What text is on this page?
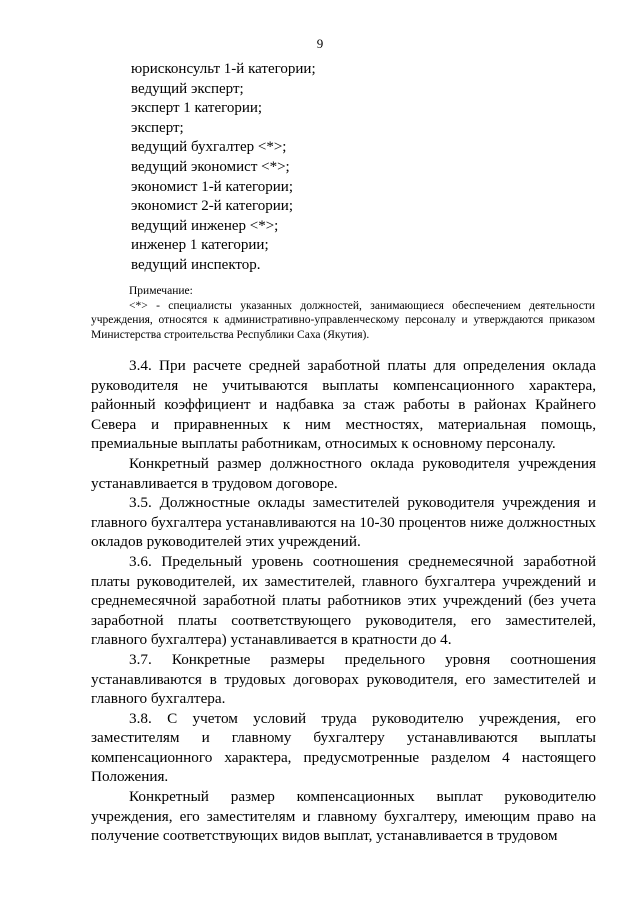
9
юрисконсульт 1-й категории;
ведущий эксперт;
эксперт 1 категории;
эксперт;
ведущий бухгалтер <*>;
ведущий экономист <*>;
экономист 1-й категории;
экономист 2-й категории;
ведущий инженер <*>;
инженер 1 категории;
ведущий инспектор.

Примечание:

<*> - специалисты указанных должностей, занимающиеся обеспечением деятельности учреждения, относятся к административно-управленческому персоналу и утверждаются приказом Министерства строительства Республики Саха (Якутия).

3.4. При расчете средней заработной платы для определения оклада руководителя не учитываются выплаты компенсационного характера, районный коэффициент и надбавка за стаж работы в районах Крайнего Севера и приравненных к ним местностях, материальная помощь, премиальные выплаты работникам, относимых к основному персоналу.

Конкретный размер должностного оклада руководителя учреждения устанавливается в трудовом договоре.

3.5. Должностные оклады заместителей руководителя учреждения и главного бухгалтера устанавливаются на 10-30 процентов ниже должностных окладов руководителей этих учреждений.

3.6. Предельный уровень соотношения среднемесячной заработной платы руководителей, их заместителей, главного бухгалтера учреждений и среднемесячной заработной платы работников этих учреждений (без учета заработной платы соответствующего руководителя, его заместителей, главного бухгалтера) устанавливается в кратности до 4.

3.7. Конкретные размеры предельного уровня соотношения устанавливаются в трудовых договорах руководителя, его заместителей и главного бухгалтера.

3.8. С учетом условий труда руководителю учреждения, его заместителям и главному бухгалтеру устанавливаются выплаты компенсационного характера, предусмотренные разделом 4 настоящего Положения.

Конкретный размер компенсационных выплат руководителю учреждения, его заместителям и главному бухгалтеру, имеющим право на получение соответствующих видов выплат, устанавливается в трудовом
